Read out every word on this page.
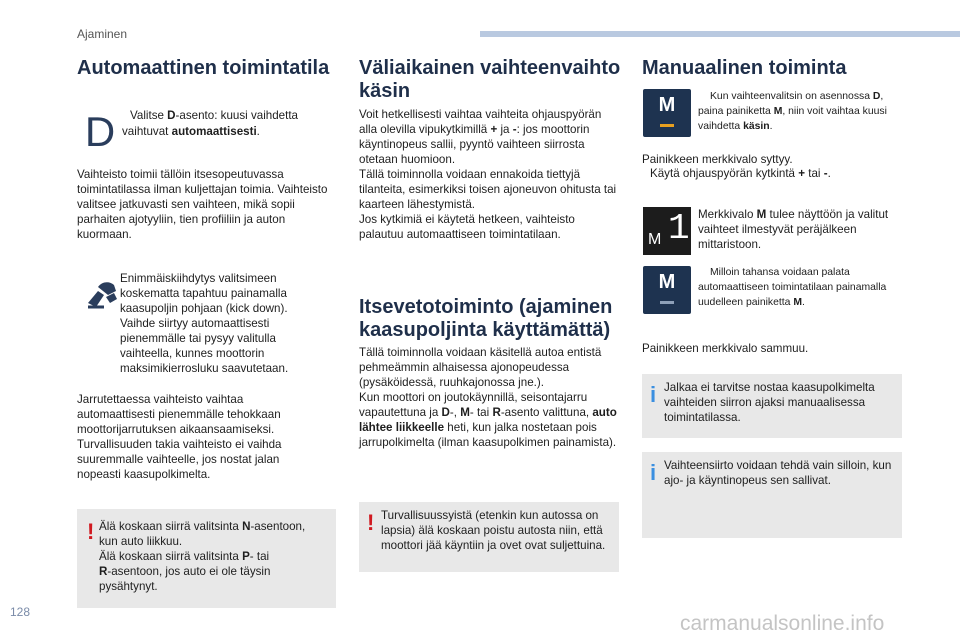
Ajaminen
Automaattinen toimintatila
D	Valitse D-asento: kuusi vaihdetta vaihtuvat automaattisesti.
Vaihteisto toimii tällöin itsesopeutuvassa toimintatilassa ilman kuljettajan toimia. Vaihteisto valitsee jatkuvasti sen vaihteen, mikä sopii parhaiten ajotyyliin, tien profiiliin ja auton kuormaan.
Enimmäiskiihdytys valitsimeen koskematta tapahtuu painamalla kaasupoljin pohjaan (kick down). Vaihde siirtyy automaattisesti pienemmälle tai pysyy valitulla vaihteella, kunnes moottorin maksimikierrosluku saavutetaan.
Jarrutettaessa vaihteisto vaihtaa automaattisesti pienemmälle tehokkaan moottorijarrutuksen aikaansaamiseksi. Turvallisuuden takia vaihteisto ei vaihda suuremmalle vaihteelle, jos nostat jalan nopeasti kaasupolkimelta.
! Älä koskaan siirrä valitsinta N-asentoon, kun auto liikkuu.
Älä koskaan siirrä valitsinta P- tai
R-asentoon, jos auto ei ole täysin pysähtynyt.
Väliaikainen vaihteenvaihto
käsin
Voit hetkellisesti vaihtaa vaihteita ohjauspyörän alla olevilla vipukytkimillä + ja -: jos moottorin käyntinopeus sallii, pyyntö vaihteen siirrosta otetaan huomioon.
Tällä toiminnolla voidaan ennakoida tiettyjä tilanteita, esimerkiksi toisen ajoneuvon ohitusta tai kaarteen lähestymistä.
Jos kytkimiä ei käytetä hetkeen, vaihteisto palautuu automaattiseen toimintatilaan.
Itsevetotoiminto (ajaminen
kaasupoljinta käyttämättä)
Tällä toiminnolla voidaan käsitellä autoa entistä pehmeämmin alhaisessa ajonopeudessa (pysäköidessä, ruuhkajonossa jne.).
Kun moottori on joutokäynnillä, seisontajarru vapautettuna ja D-, M- tai R-asento valittuna, auto lähtee liikkeelle heti, kun jalka nostetaan pois jarrupolkimelta (ilman kaasupolkimen painamista).
! Turvallisuussyistä (etenkin kun autossa on lapsia) älä koskaan poistu autosta niin, että moottori jää käyntiin ja ovet ovat suljettuina.
Manuaalinen toiminta
M	Kun vaihteenvalitsin on asennossa D, paina painiketta M, niin voit vaihtaa kuusi vaihdetta käsin.
Painikkeen merkkivalo syttyy.
Käytä ohjauspyörän kytkintä + tai -.
M 1 Merkkivalo M tulee näyttöön ja valitut vaihteet ilmestyvät peräjälkeen mittaristoon.
M	Milloin tahansa voidaan palata automaattiseen toimintatilaan painamalla uudelleen painiketta M.
Painikkeen merkkivalo sammuu.
i Jalkaa ei tarvitse nostaa kaasupolkimelta vaihteiden siirron ajaksi manuaalisessa toimintatilassa.
i Vaihteensiirto voidaan tehdä vain silloin, kun ajo- ja käyntinopeus sen sallivat.
128	carmanualsonline.info
